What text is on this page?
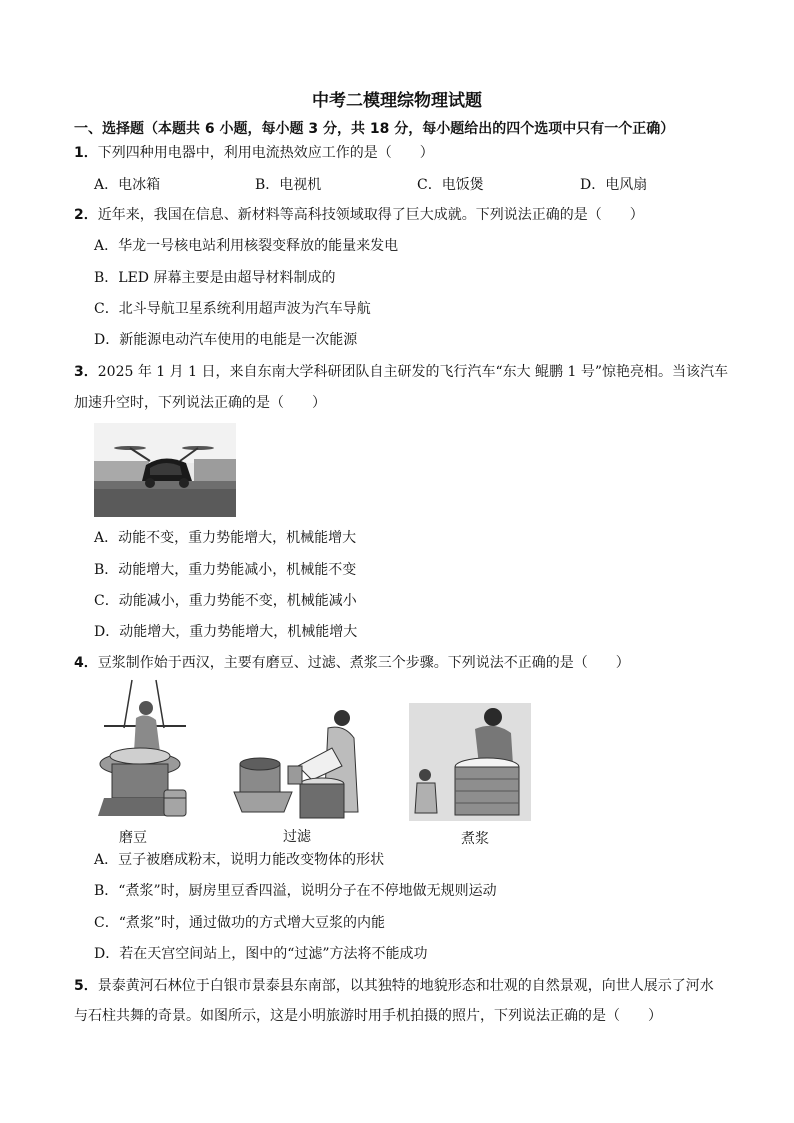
中考二模理综物理试题
一、选择题（本题共 6 小题，每小题 3 分，共 18 分，每小题给出的四个选项中只有一个正确）
1．下列四种用电器中，利用电流热效应工作的是（　　）
A．电冰箱	B．电视机	C．电饭煲	D．电风扇
2．近年来，我国在信息、新材料等高科技领域取得了巨大成就。下列说法正确的是（　　）
A．华龙一号核电站利用核裂变释放的能量来发电
B．LED 屏幕主要是由超导材料制成的
C．北斗导航卫星系统利用超声波为汽车导航
D．新能源电动汽车使用的电能是一次能源
3．2025 年 1 月 1 日，来自东南大学科研团队自主研发的飞行汽车“东大 鲲鹏 1 号”惊艳亮相。当该汽车
加速升空时，下列说法正确的是（　　）
A．动能不变，重力势能增大，机械能增大
B．动能增大，重力势能减小，机械能不变
C．动能减小，重力势能不变，机械能减小
D．动能增大，重力势能增大，机械能增大
4．豆浆制作始于西汉，主要有磨豆、过滤、煮浆三个步骤。下列说法不正确的是（　　）
磨豆	过滤	煮浆
A．豆子被磨成粉末，说明力能改变物体的形状
B．“煮浆”时，厨房里豆香四溢，说明分子在不停地做无规则运动
C．“煮浆”时，通过做功的方式增大豆浆的内能
D．若在天宫空间站上，图中的“过滤”方法将不能成功
5．景泰黄河石林位于白银市景泰县东南部，以其独特的地貌形态和壮观的自然景观，向世人展示了河水
与石柱共舞的奇景。如图所示，这是小明旅游时用手机拍摄的照片，下列说法正确的是（　　）
